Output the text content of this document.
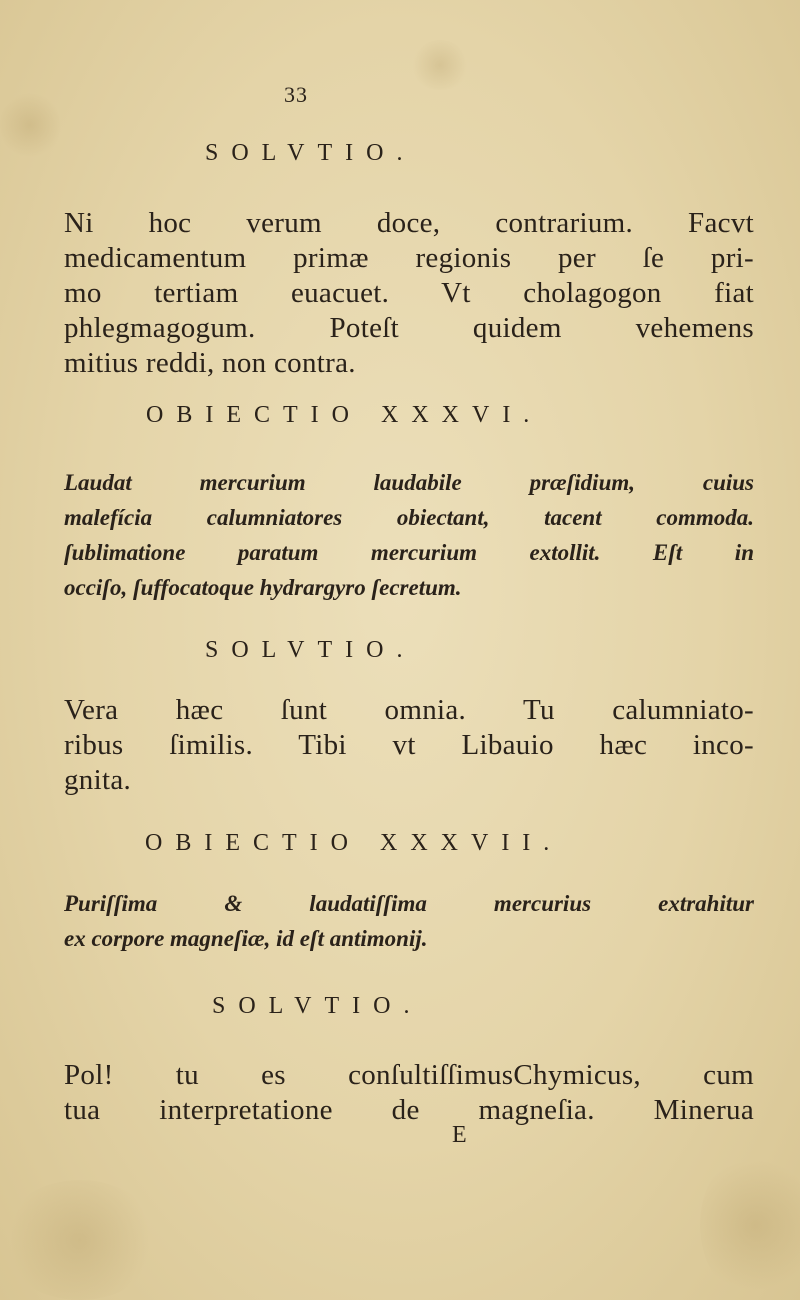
33
SOLVTIO.
Ni hoc verum doce, contrarium. Facvt
medicamentum primæ regionis per ſe pri-
mo tertiam euacuet. Vt cholagogon fiat
phlegmagogum. Poteſt quidem vehemens
mitius reddi, non contra.
OBIECTIO XXXVI.
Laudat mercurium laudabile præſidium, cuius
malefícia calumniatores obiectant, tacent commoda.
ſublimatione paratum mercurium extollit. Eſt in
occiſo, ſuffocatoque hydrargyro ſecretum.
SOLVTIO.
Vera hæc ſunt omnia. Tu calumniato-
ribus ſimilis. Tibi vt Libauio hæc inco-
gnita.
OBIECTIO XXXVII.
Puriſſima & laudatiſſima mercurius extrahitur
ex corpore magneſiæ, id eſt antimonij.
SOLVTIO.
Pol! tu es conſultiſſimusChymicus, cum
tua interpretatione de magneſia. Minerua
E
